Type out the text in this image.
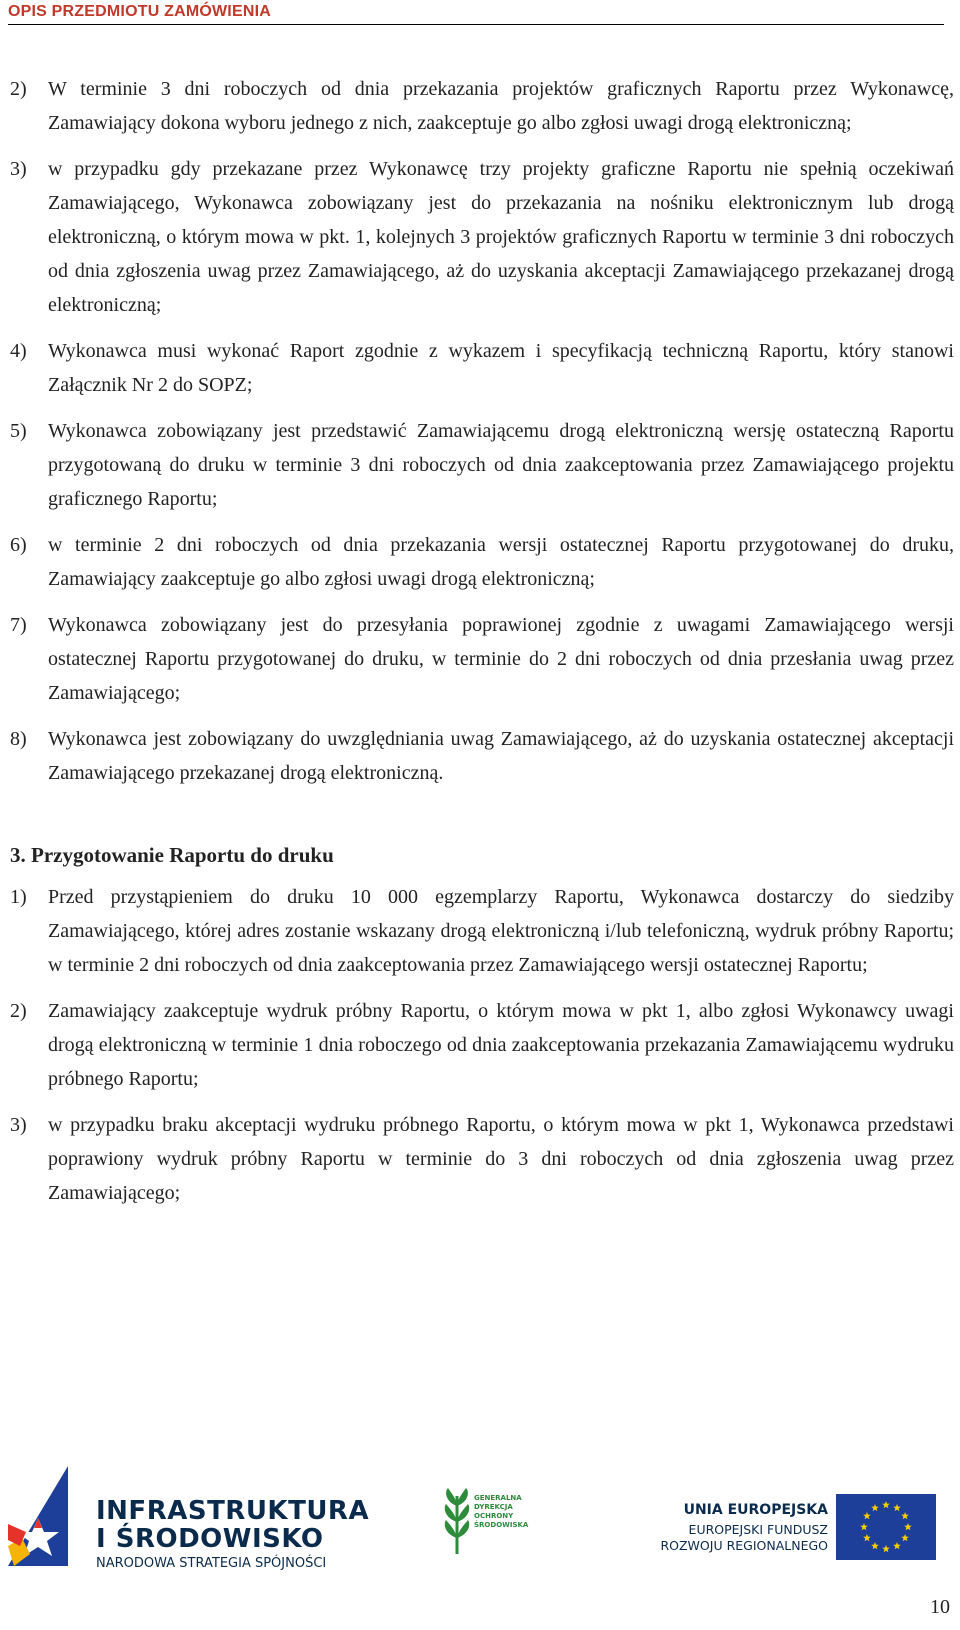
OPIS PRZEDMIOTU ZAMÓWIENIA
2)	W terminie 3 dni roboczych od dnia przekazania projektów graficznych Raportu przez Wykonawcę, Zamawiający dokona wyboru jednego z nich, zaakceptuje go albo zgłosi uwagi drogą elektroniczną;
3)	w przypadku gdy przekazane przez Wykonawcę trzy projekty graficzne Raportu nie spełnią oczekiwań Zamawiającego, Wykonawca zobowiązany jest do przekazania na nośniku elektronicznym lub drogą elektroniczną, o którym mowa w pkt. 1, kolejnych 3 projektów graficznych Raportu w terminie 3 dni roboczych od dnia zgłoszenia uwag przez Zamawiającego, aż do uzyskania akceptacji Zamawiającego przekazanej drogą elektroniczną;
4)	Wykonawca musi wykonać Raport zgodnie z wykazem i specyfikacją techniczną Raportu, który stanowi Załącznik Nr 2 do SOPZ;
5)	Wykonawca zobowiązany jest przedstawić Zamawiającemu drogą elektroniczną wersję ostateczną Raportu przygotowaną do druku w terminie 3 dni roboczych od dnia zaakceptowania przez Zamawiającego projektu graficznego Raportu;
6)	w terminie 2 dni roboczych od dnia przekazania wersji ostatecznej Raportu przygotowanej do druku, Zamawiający zaakceptuje go albo zgłosi uwagi drogą elektroniczną;
7)	Wykonawca zobowiązany jest do przesyłania poprawionej zgodnie z uwagami Zamawiającego wersji ostatecznej Raportu przygotowanej do druku, w terminie do 2 dni roboczych od dnia przesłania uwag przez Zamawiającego;
8)	Wykonawca jest zobowiązany do uwzględniania uwag Zamawiającego, aż do uzyskania ostatecznej akceptacji Zamawiającego przekazanej drogą elektroniczną.
3. Przygotowanie Raportu do druku
1)	Przed przystąpieniem do druku 10 000 egzemplarzy Raportu, Wykonawca dostarczy do siedziby Zamawiającego, której adres zostanie wskazany drogą elektroniczną i/lub telefoniczną, wydruk próbny Raportu; w terminie 2 dni roboczych od dnia zaakceptowania przez Zamawiającego wersji ostatecznej Raportu;
2)	Zamawiający zaakceptuje wydruk próbny Raportu, o którym mowa w pkt 1, albo zgłosi Wykonawcy uwagi drogą elektroniczną w terminie 1 dnia roboczego od dnia zaakceptowania przekazania Zamawiającemu wydruku próbnego Raportu;
3)	w przypadku braku akceptacji wydruku próbnego Raportu, o którym mowa w pkt 1, Wykonawca przedstawi poprawiony wydruk próbny Raportu w terminie do 3 dni roboczych od dnia zgłoszenia uwag przez Zamawiającego;
INFRASTRUKTURA
I ŚRODOWISKO
NARODOWA STRATEGIA SPÓJNOŚCI
GENERALNA DYREKCJA OCHRONY ŚRODOWISKA
UNIA EUROPEJSKA
EUROPEJSKI FUNDUSZ
ROZWOJU REGIONALNEGO
10
